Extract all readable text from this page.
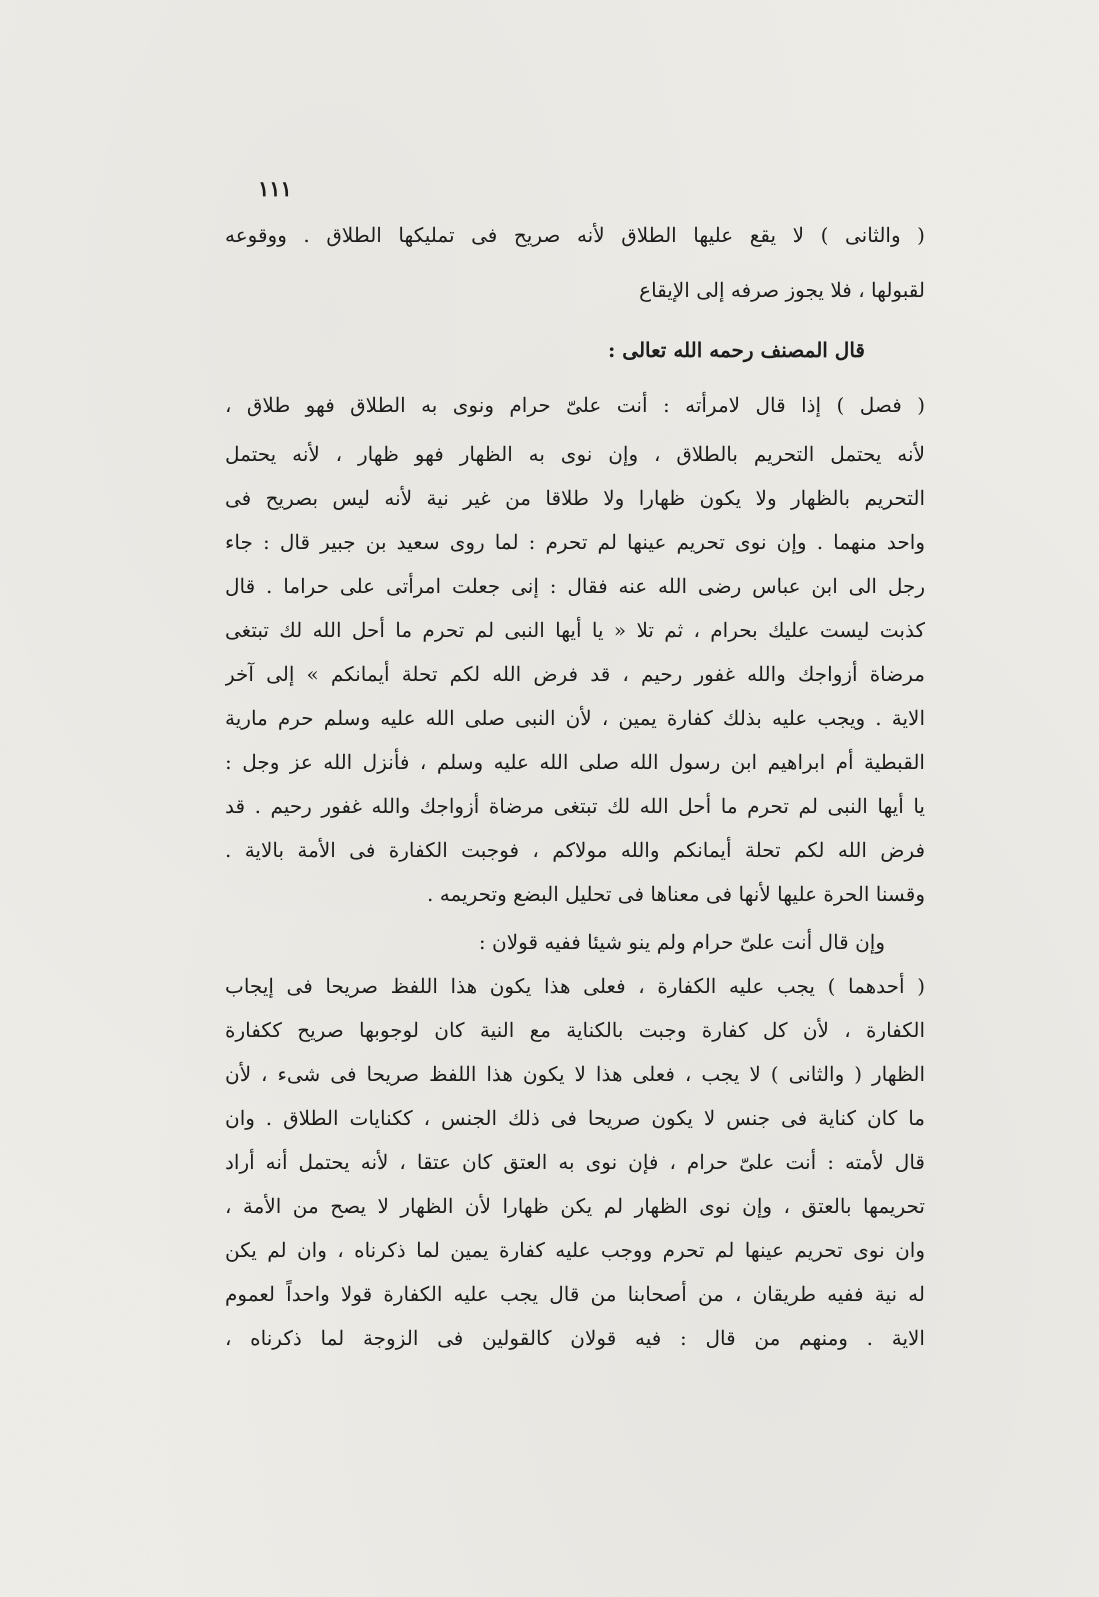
١١١
( والثانى ) لا يقع عليها الطلاق لأنه صريح فى تمليكها الطلاق . ووقوعه
لقبولها ، فلا يجوز صرفه إلى الإيقاع
قال المصنف رحمه الله تعالى :
( فصل ) إذا قال لامرأته : أنت علىّ حرام ونوى به الطلاق فهو طلاق ،
لأنه يحتمل التحريم بالطلاق ، وإن نوى به الظهار فهو ظهار ، لأنه يحتمل
التحريم بالظهار ولا يكون ظهارا ولا طلاقا من غير نية لأنه ليس بصريح فى
واحد منهما . وإن نوى تحريم عينها لم تحرم : لما روى سعيد بن جبير قال : جاء
رجل الى ابن عباس رضى الله عنه فقال : إنى جعلت امرأتى على حراما . قال
كذبت ليست عليك بحرام ، ثم تلا « يا أيها النبى لم تحرم ما أحل الله لك تبتغى
مرضاة أزواجك والله غفور رحيم ، قد فرض الله لكم تحلة أيمانكم » إلى آخر
الاية . ويجب عليه بذلك كفارة يمين ، لأن النبى صلى الله عليه وسلم حرم مارية
القبطية أم ابراهيم ابن رسول الله صلى الله عليه وسلم ، فأنزل الله عز وجل :
يا أيها النبى لم تحرم ما أحل الله لك تبتغى مرضاة أزواجك والله غفور رحيم . قد
فرض الله لكم تحلة أيمانكم والله مولاكم ، فوجبت الكفارة فى الأمة بالاية .
وقسنا الحرة عليها لأنها فى معناها فى تحليل البضع وتحريمه .
وإن قال أنت علىّ حرام ولم ينو شيئا ففيه قولان :
( أحدهما ) يجب عليه الكفارة ، فعلى هذا يكون هذا اللفظ صريحا فى إيجاب
الكفارة ، لأن كل كفارة وجبت بالكناية مع النية كان لوجوبها صريح ككفارة
الظهار ( والثانى ) لا يجب ، فعلى هذا لا يكون هذا اللفظ صريحا فى شىء ، لأن
ما كان كناية فى جنس لا يكون صريحا فى ذلك الجنس ، ككنايات الطلاق . وان
قال لأمته : أنت علىّ حرام ، فإن نوى به العتق كان عتقا ، لأنه يحتمل أنه أراد
تحريمها بالعتق ، وإن نوى الظهار لم يكن ظهارا لأن الظهار لا يصح من الأمة ،
وان نوى تحريم عينها لم تحرم ووجب عليه كفارة يمين لما ذكرناه ، وان لم يكن
له نية ففيه طريقان ، من أصحابنا من قال يجب عليه الكفارة قولا واحداً لعموم
الاية . ومنهم من قال : فيه قولان كالقولين فى الزوجة لما ذكرناه ،
